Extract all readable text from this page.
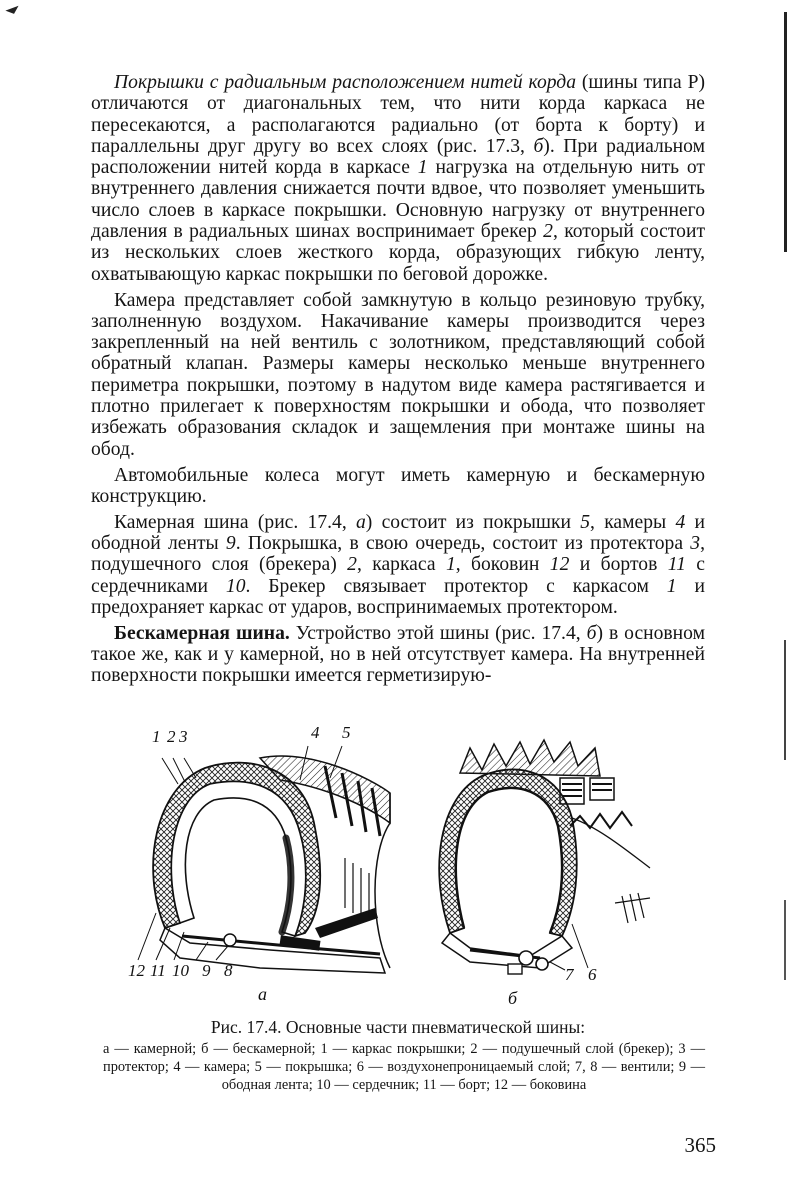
Покрышки с радиальным расположением нитей корда (шины типа Р) отличаются от диагональных тем, что нити корда каркаса не пересекаются, а располагаются радиально (от борта к борту) и параллельны друг другу во всех слоях (рис. 17.3, б). При радиальном расположении нитей корда в каркасе 1 нагрузка на отдельную нить от внутреннего давления снижается почти вдвое, что позволяет уменьшить число слоев в каркасе покрышки. Основную нагрузку от внутреннего давления в радиальных шинах воспринимает брекер 2, который состоит из нескольких слоев жесткого корда, образующих гибкую ленту, охватывающую каркас покрышки по беговой дорожке.

Камера представляет собой замкнутую в кольцо резиновую трубку, заполненную воздухом. Накачивание камеры производится через закрепленный на ней вентиль с золотником, представляющий собой обратный клапан. Размеры камеры несколько меньше внутреннего периметра покрышки, поэтому в надутом виде камера растягивается и плотно прилегает к поверхностям покрышки и обода, что позволяет избежать образования складок и защемления при монтаже шины на обод.

Автомобильные колеса могут иметь камерную и бескамерную конструкцию.

Камерная шина (рис. 17.4, а) состоит из покрышки 5, камеры 4 и ободной ленты 9. Покрышка, в свою очередь, состоит из протектора 3, подушечного слоя (брекера) 2, каркаса 1, боковин 12 и бортов 11 с сердечниками 10. Брекер связывает протектор с каркасом 1 и предохраняет каркас от ударов, воспринимаемых протектором.

Бескамерная шина. Устройство этой шины (рис. 17.4, б) в основном такое же, как и у камерной, но в ней отсутствует камера. На внутренней поверхности покрышки имеется герметизирую-

1 2 3	4 5
12 11 10 9 8
а
7 6
б
Рис. 17.4. Основные части пневматической шины:
а — камерной; б — бескамерной; 1 — каркас покрышки; 2 — подушечный слой (брекер); 3 — протектор; 4 — камера; 5 — покрышка; 6 — воздухонепроницаемый слой; 7, 8 — вентили; 9 — ободная лента; 10 — сердечник; 11 — борт; 12 — боковина
365
